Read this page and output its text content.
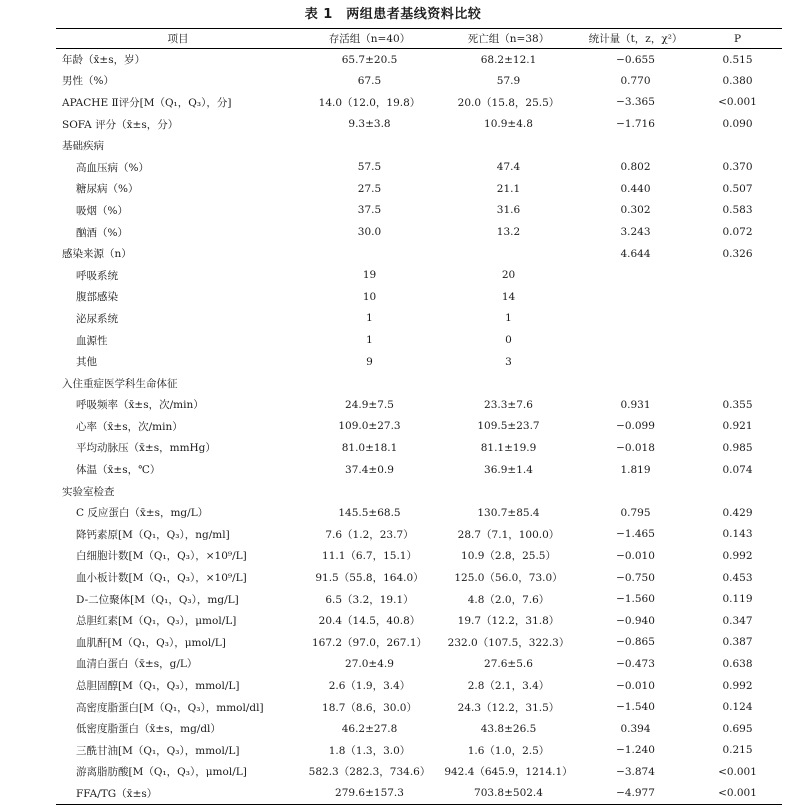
表 1　两组患者基线资料比较
项目	存活组（n=40）	死亡组（n=38）	统计量（t，z，χ²）	P
年龄（x̄±s，岁）	65.7±20.5	68.2±12.1	−0.655	0.515
男性（%）	67.5	57.9	0.770	0.380
APACHE Ⅱ评分[M（Q₁，Q₃），分]	14.0（12.0，19.8）	20.0（15.8，25.5）	−3.365	<0.001
SOFA 评分（x̄±s，分）	9.3±3.8	10.9±4.8	−1.716	0.090
基础疾病				
高血压病（%）	57.5	47.4	0.802	0.370
糖尿病（%）	27.5	21.1	0.440	0.507
吸烟（%）	37.5	31.6	0.302	0.583
酗酒（%）	30.0	13.2	3.243	0.072
感染来源（n）			4.644	0.326
呼吸系统	19	20		
腹部感染	10	14		
泌尿系统	1	1		
血源性	1	0		
其他	9	3		
入住重症医学科生命体征				
呼吸频率（x̄±s，次/min）	24.9±7.5	23.3±7.6	0.931	0.355
心率（x̄±s，次/min）	109.0±27.3	109.5±23.7	−0.099	0.921
平均动脉压（x̄±s，mmHg）	81.0±18.1	81.1±19.9	−0.018	0.985
体温（x̄±s，℃）	37.4±0.9	36.9±1.4	1.819	0.074
实验室检查				
C 反应蛋白（x̄±s，mg/L）	145.5±68.5	130.7±85.4	0.795	0.429
降钙素原[M（Q₁，Q₃），ng/ml]	7.6（1.2，23.7）	28.7（7.1，100.0）	−1.465	0.143
白细胞计数[M（Q₁，Q₃），×10⁹/L]	11.1（6.7，15.1）	10.9（2.8，25.5）	−0.010	0.992
血小板计数[M（Q₁，Q₃），×10⁹/L]	91.5（55.8，164.0）	125.0（56.0，73.0）	−0.750	0.453
D-二位聚体[M（Q₁，Q₃），mg/L]	6.5（3.2，19.1）	4.8（2.0，7.6）	−1.560	0.119
总胆红素[M（Q₁，Q₃），μmol/L]	20.4（14.5，40.8）	19.7（12.2，31.8）	−0.940	0.347
血肌酐[M（Q₁，Q₃），μmol/L]	167.2（97.0，267.1）	232.0（107.5，322.3）	−0.865	0.387
血清白蛋白（x̄±s，g/L）	27.0±4.9	27.6±5.6	−0.473	0.638
总胆固醇[M（Q₁，Q₃），mmol/L]	2.6（1.9，3.4）	2.8（2.1，3.4）	−0.010	0.992
高密度脂蛋白[M（Q₁，Q₃），mmol/dl]	18.7（8.6，30.0）	24.3（12.2，31.5）	−1.540	0.124
低密度脂蛋白（x̄±s，mg/dl）	46.2±27.8	43.8±26.5	0.394	0.695
三酰甘油[M（Q₁，Q₃），mmol/L]	1.8（1.3，3.0）	1.6（1.0，2.5）	−1.240	0.215
游离脂肪酸[M（Q₁，Q₃），μmol/L]	582.3（282.3，734.6）	942.4（645.9，1214.1）	−3.874	<0.001
FFA/TG（x̄±s）	279.6±157.3	703.8±502.4	−4.977	<0.001
